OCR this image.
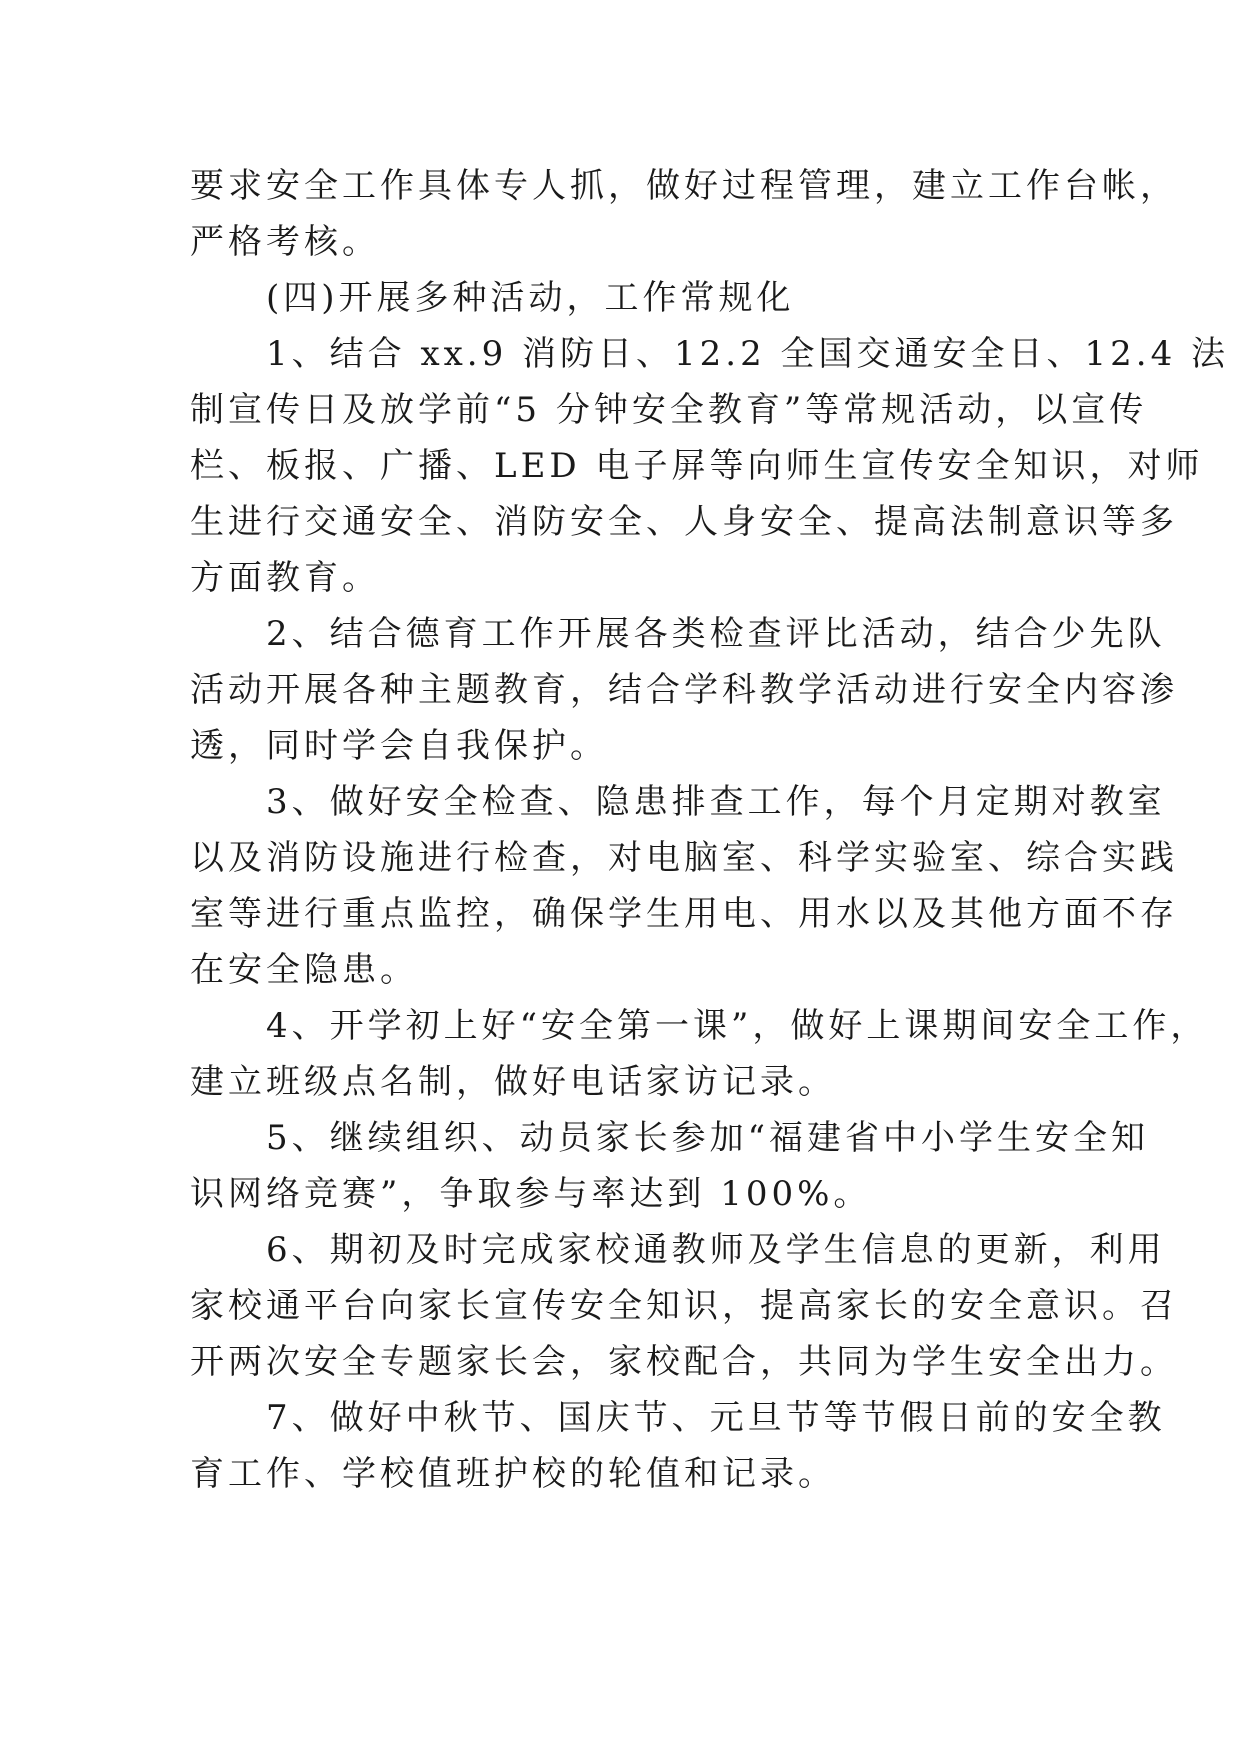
要求安全工作具体专人抓，做好过程管理，建立工作台帐，
严格考核。
　　(四)开展多种活动，工作常规化
　　1、结合 xx.9 消防日、12.2 全国交通安全日、12.4 法
制宣传日及放学前“5 分钟安全教育”等常规活动，以宣传
栏、板报、广播、LED 电子屏等向师生宣传安全知识，对师
生进行交通安全、消防安全、人身安全、提高法制意识等多
方面教育。
　　2、结合德育工作开展各类检查评比活动，结合少先队
活动开展各种主题教育，结合学科教学活动进行安全内容渗
透，同时学会自我保护。
　　3、做好安全检查、隐患排查工作，每个月定期对教室
以及消防设施进行检查，对电脑室、科学实验室、综合实践
室等进行重点监控，确保学生用电、用水以及其他方面不存
在安全隐患。
　　4、开学初上好“安全第一课”，做好上课期间安全工作，
建立班级点名制，做好电话家访记录。
　　5、继续组织、动员家长参加“福建省中小学生安全知
识网络竞赛”，争取参与率达到 100%。
　　6、期初及时完成家校通教师及学生信息的更新，利用
家校通平台向家长宣传安全知识，提高家长的安全意识。召
开两次安全专题家长会，家校配合，共同为学生安全出力。
　　7、做好中秋节、国庆节、元旦节等节假日前的安全教
育工作、学校值班护校的轮值和记录。
